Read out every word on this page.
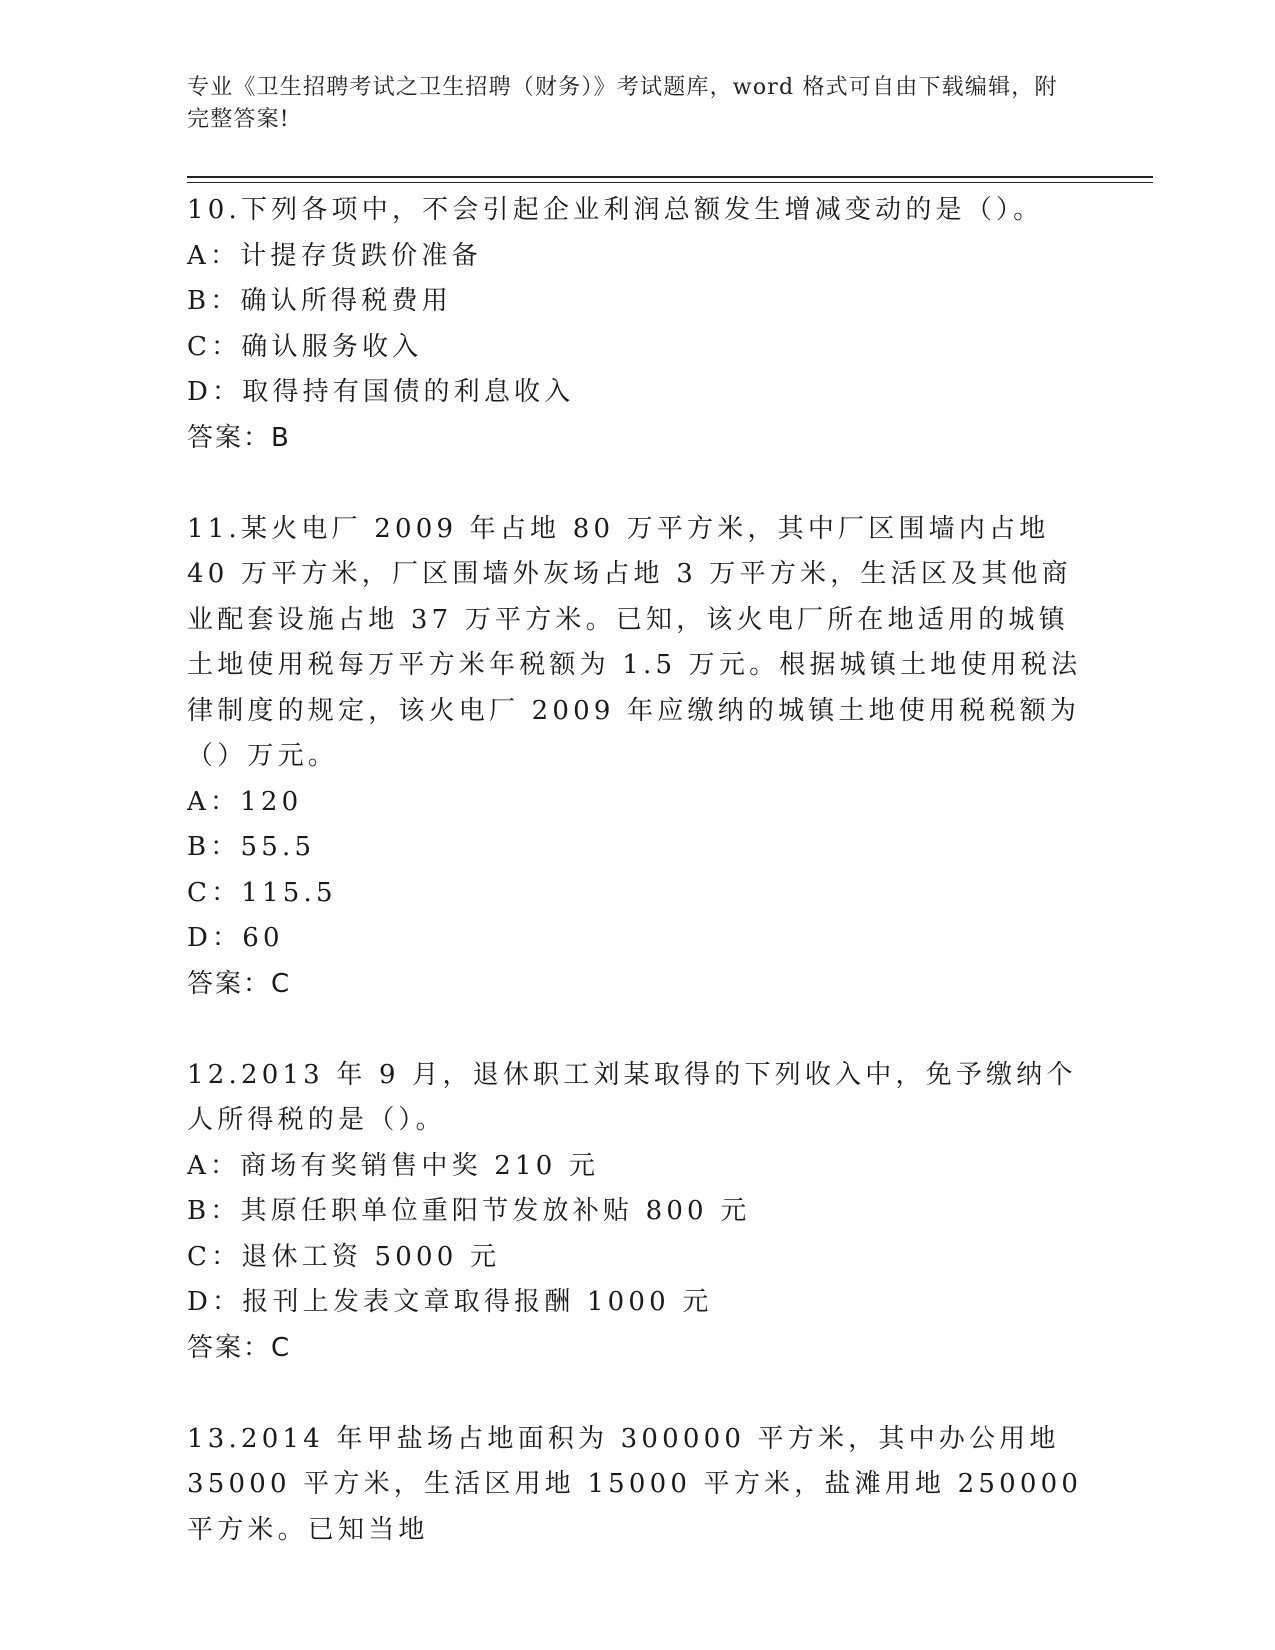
专业《卫生招聘考试之卫生招聘（财务）》考试题库，word 格式可自由下载编辑，附完整答案!

10.下列各项中，不会引起企业利润总额发生增减变动的是（）。

A：计提存货跌价准备

B：确认所得税费用

C：确认服务收入

D：取得持有国债的利息收入

答案：B

11.某火电厂 2009 年占地 80 万平方米，其中厂区围墙内占地 40 万平方米，厂区围墙外灰场占地 3 万平方米，生活区及其他商业配套设施占地 37 万平方米。已知，该火电厂所在地适用的城镇土地使用税每万平方米年税额为 1.5 万元。根据城镇土地使用税法律制度的规定，该火电厂 2009 年应缴纳的城镇土地使用税税额为（）万元。

A：120

B：55.5

C：115.5

D：60

答案：C

12.2013 年 9 月，退休职工刘某取得的下列收入中，免予缴纳个人所得税的是（）。

A：商场有奖销售中奖 210 元

B：其原任职单位重阳节发放补贴 800 元

C：退休工资 5000 元

D：报刊上发表文章取得报酬 1000 元

答案：C

13.2014 年甲盐场占地面积为 300000 平方米，其中办公用地 35000 平方米，生活区用地 15000 平方米，盐滩用地 250000 平方米。已知当地
